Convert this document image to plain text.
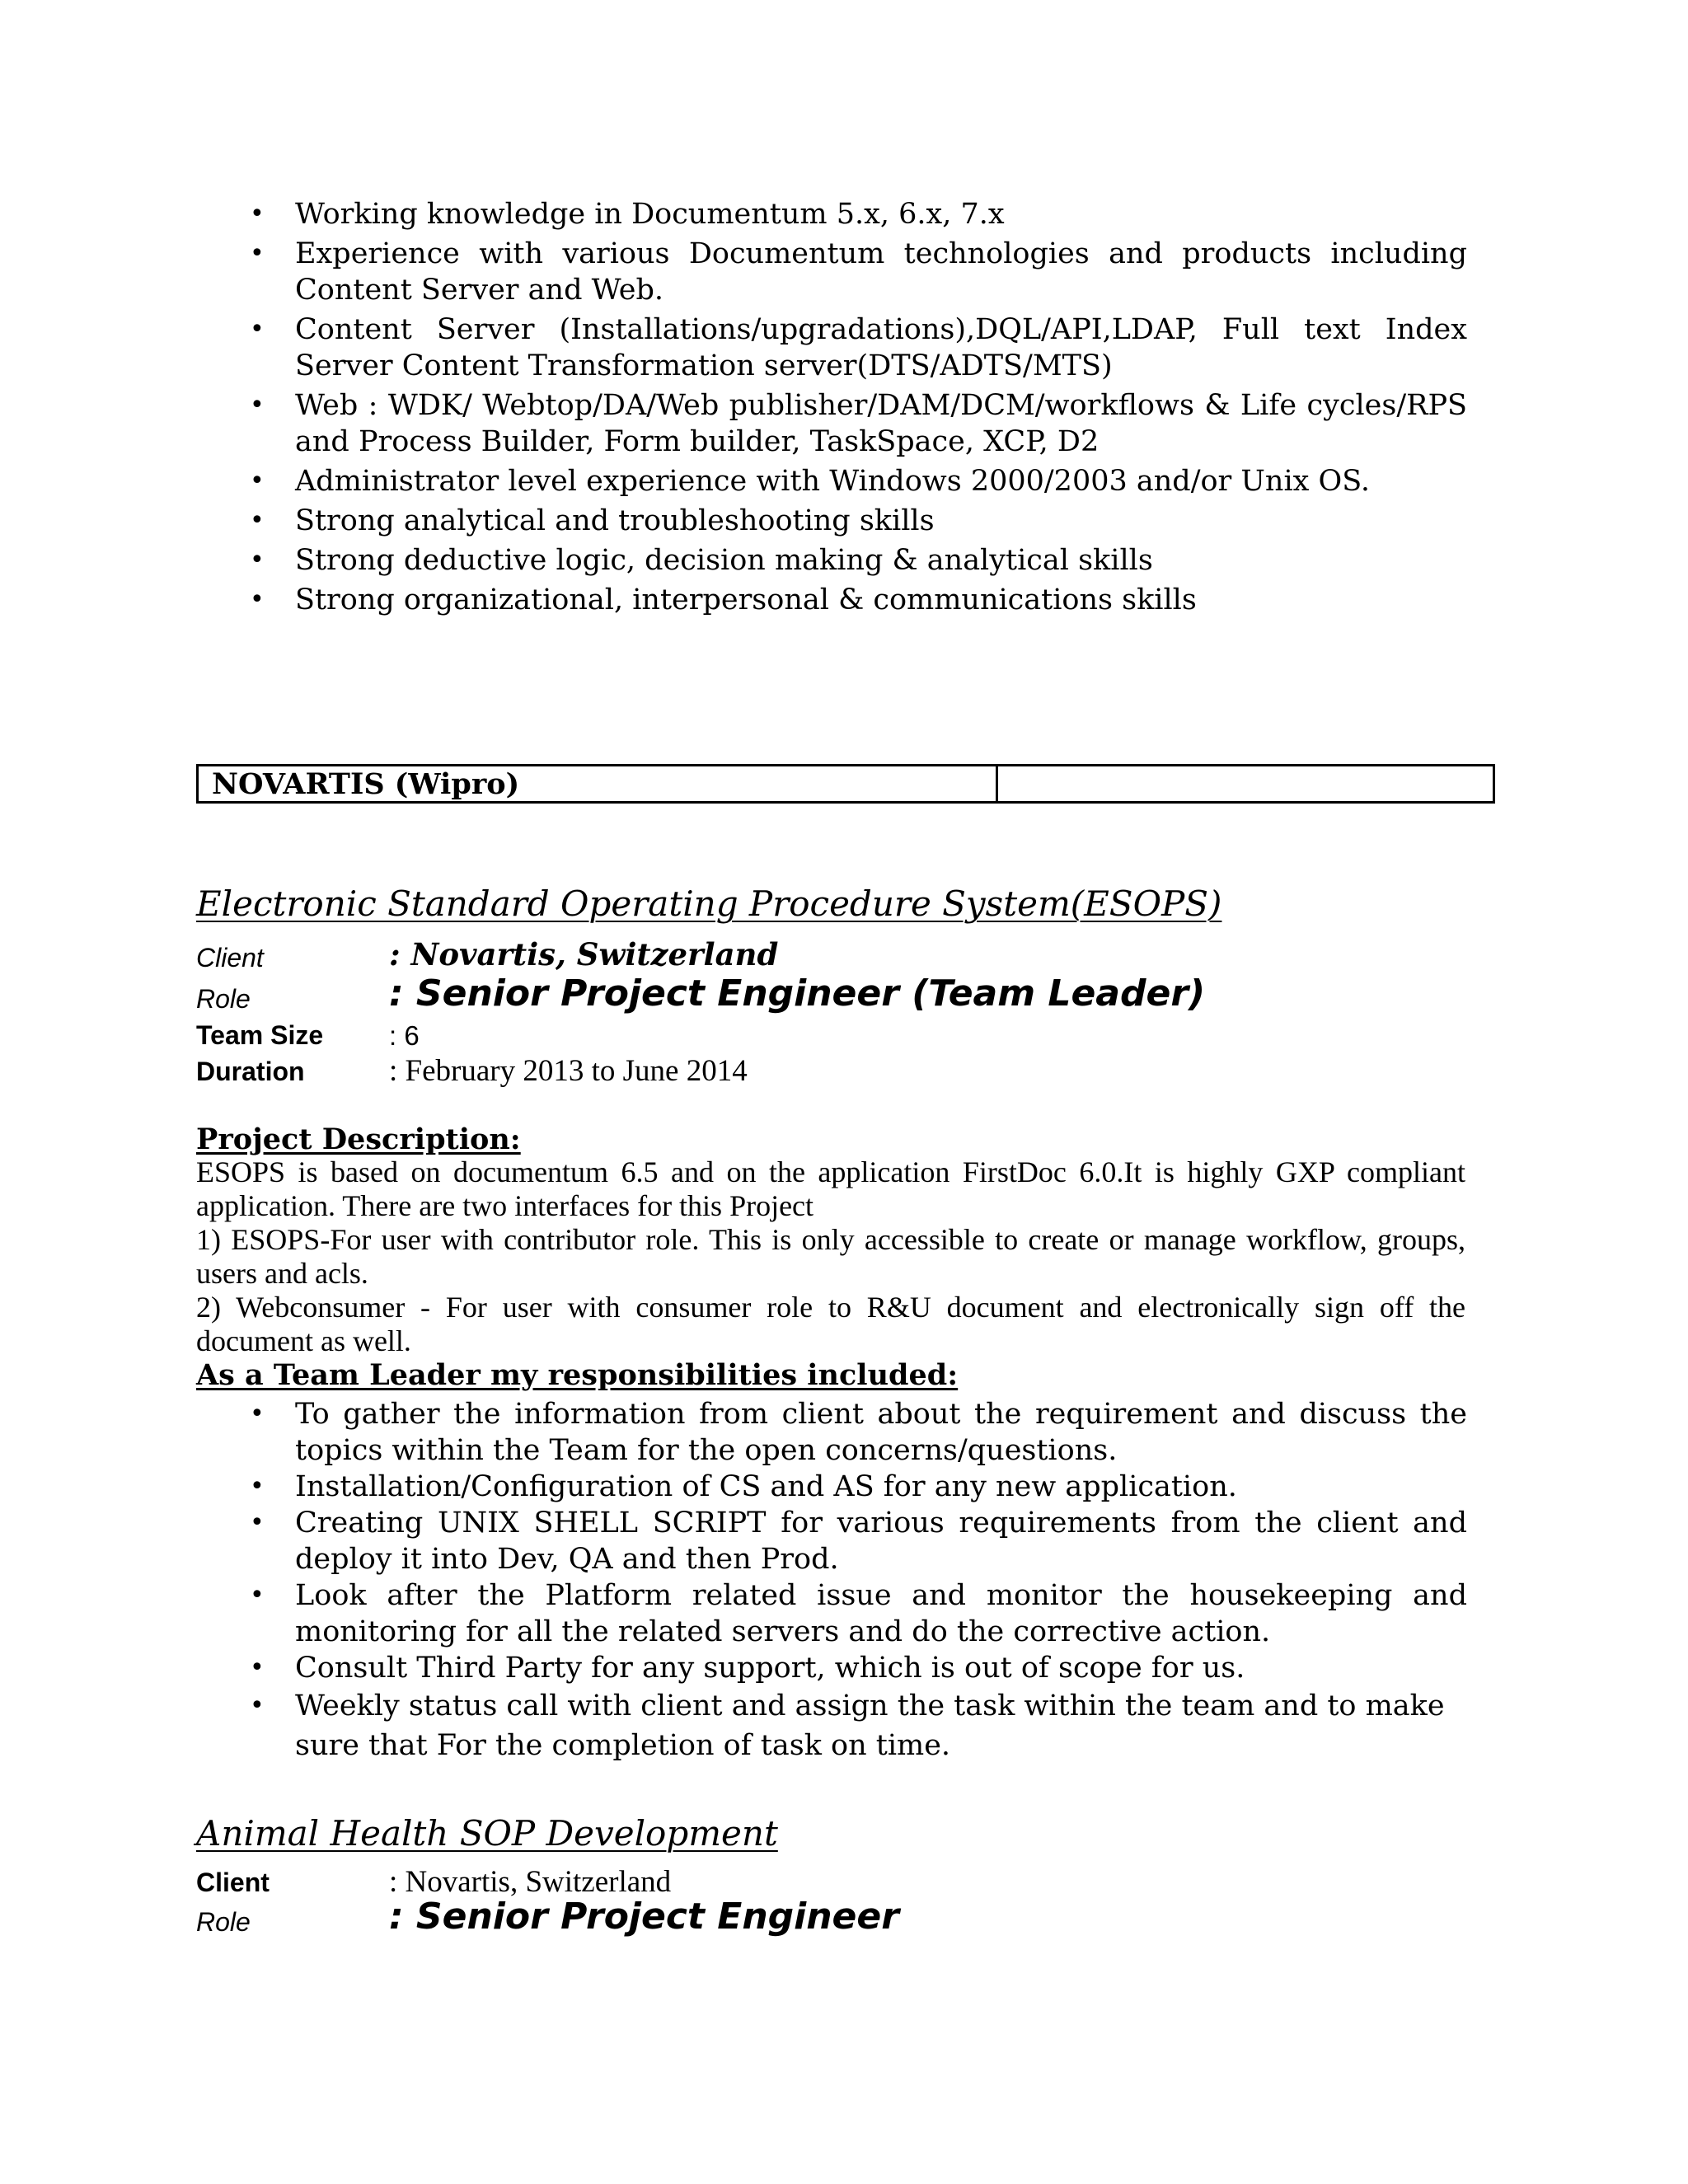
• Working knowledge in Documentum 5.x, 6.x, 7.x
• Experience with various Documentum technologies and products including Content Server and Web.
• Content Server (Installations/upgradations),DQL/API,LDAP, Full text Index Server Content Transformation server(DTS/ADTS/MTS)
• Web : WDK/ Webtop/DA/Web publisher/DAM/DCM/workflows & Life cycles/RPS and Process Builder, Form builder, TaskSpace, XCP, D2
• Administrator level experience with Windows 2000/2003 and/or Unix OS.
• Strong analytical and troubleshooting skills
• Strong deductive logic, decision making & analytical skills
• Strong organizational, interpersonal & communications skills
NOVARTIS (Wipro)
Electronic Standard Operating Procedure System(ESOPS)
Client	: Novartis, Switzerland
Role	: Senior Project Engineer (Team Leader)
Team Size : 6
Duration	: February 2013 to June 2014
Project Description:

ESOPS is based on documentum 6.5 and on the application FirstDoc 6.0.It is highly GXP compliant application. There are two interfaces for this Project

1) ESOPS-For user with contributor role. This is only accessible to create or manage workflow, groups, users and acls.

2) Webconsumer - For user with consumer role to R&U document and electronically sign off the document as well.

As a Team Leader my responsibilities included:
• To gather the information from client about the requirement and discuss the topics within the Team for the open concerns/questions.
• Installation/Configuration of CS and AS for any new application.
• Creating UNIX SHELL SCRIPT for various requirements from the client and deploy it into Dev, QA and then Prod.
• Look after the Platform related issue and monitor the housekeeping and monitoring for all the related servers and do the corrective action.
• Consult Third Party for any support, which is out of scope for us.
• Weekly status call with client and assign the task within the team and to make sure that For the completion of task on time.
Animal Health SOP Development
Client	: Novartis, Switzerland
Role	: Senior Project Engineer
